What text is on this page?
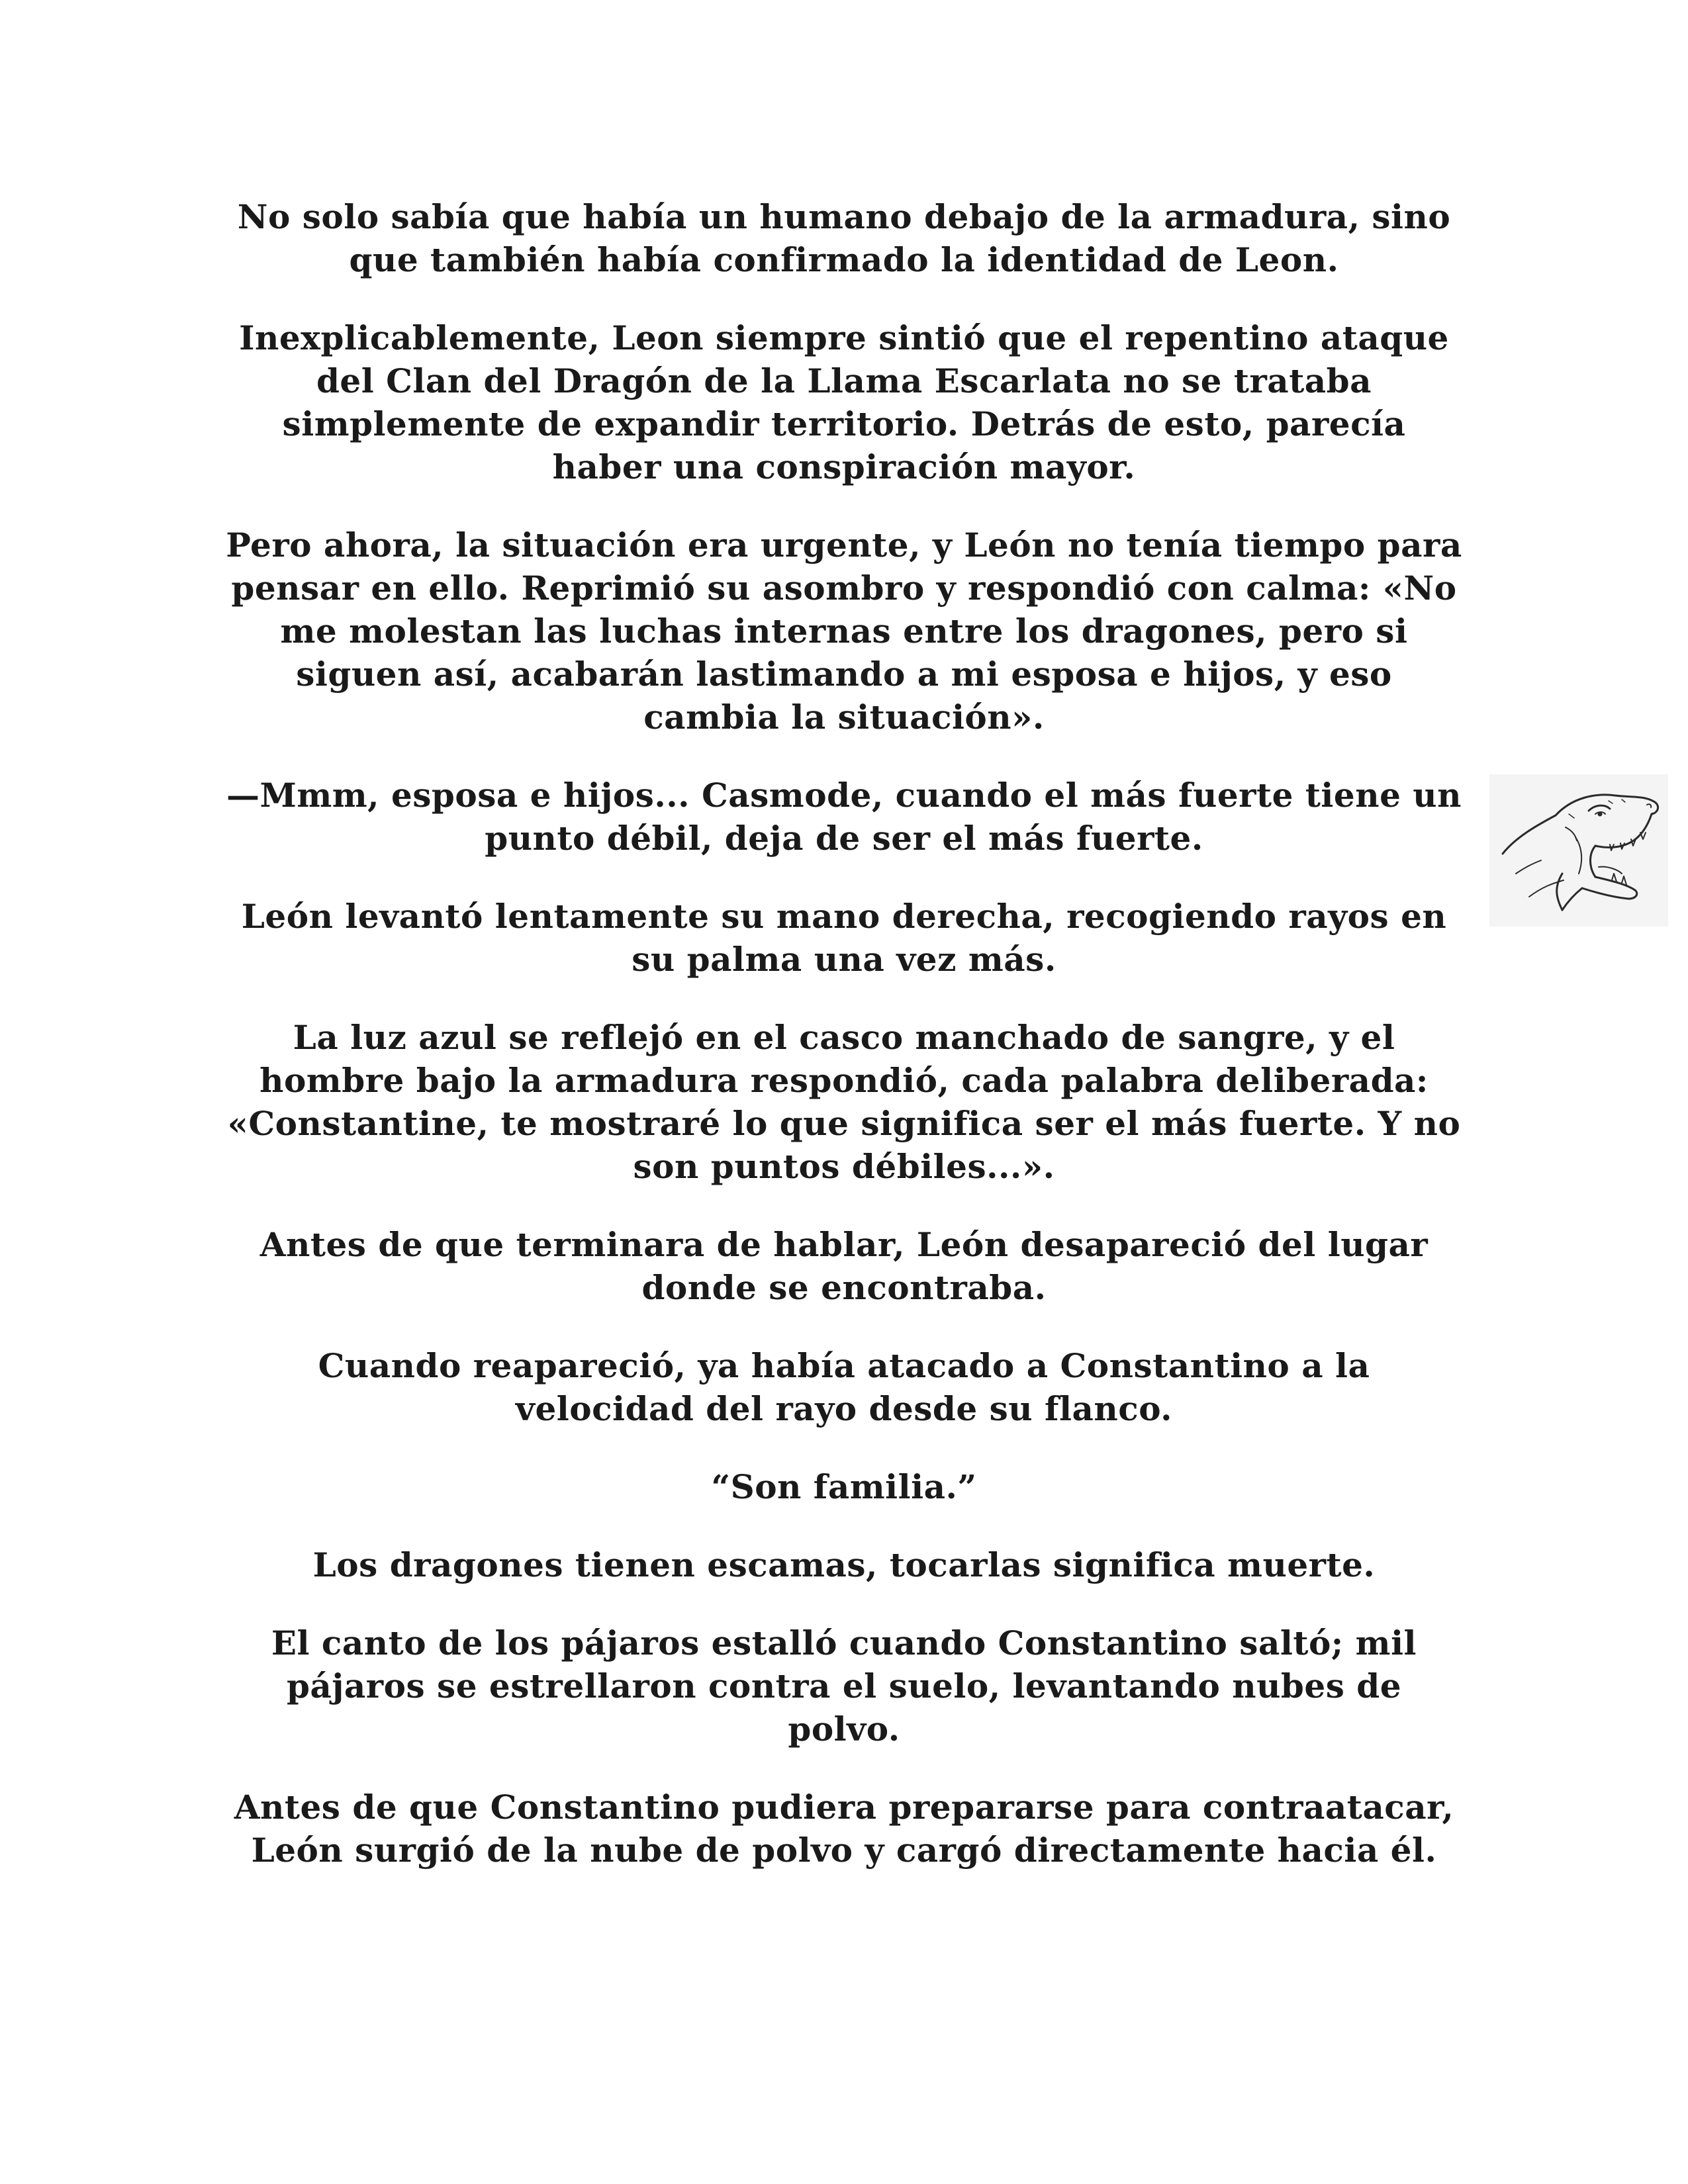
No solo sabía que había un humano debajo de la armadura, sino que también había confirmado la identidad de Leon.

Inexplicablemente, Leon siempre sintió que el repentino ataque del Clan del Dragón de la Llama Escarlata no se trataba simplemente de expandir territorio. Detrás de esto, parecía haber una conspiración mayor.

Pero ahora, la situación era urgente, y León no tenía tiempo para pensar en ello. Reprimió su asombro y respondió con calma: «No me molestan las luchas internas entre los dragones, pero si siguen así, acabarán lastimando a mi esposa e hijos, y eso cambia la situación».

—Mmm, esposa e hijos... Casmode, cuando el más fuerte tiene un punto débil, deja de ser el más fuerte.

León levantó lentamente su mano derecha, recogiendo rayos en su palma una vez más.

La luz azul se reflejó en el casco manchado de sangre, y el hombre bajo la armadura respondió, cada palabra deliberada: «Constantine, te mostraré lo que significa ser el más fuerte. Y no son puntos débiles...».

Antes de que terminara de hablar, León desapareció del lugar donde se encontraba.

Cuando reapareció, ya había atacado a Constantino a la velocidad del rayo desde su flanco.

“Son familia.”

Los dragones tienen escamas, tocarlas significa muerte.

El canto de los pájaros estalló cuando Constantino saltó; mil pájaros se estrellaron contra el suelo, levantando nubes de polvo.

Antes de que Constantino pudiera prepararse para contraatacar, León surgió de la nube de polvo y cargó directamente hacia él.
